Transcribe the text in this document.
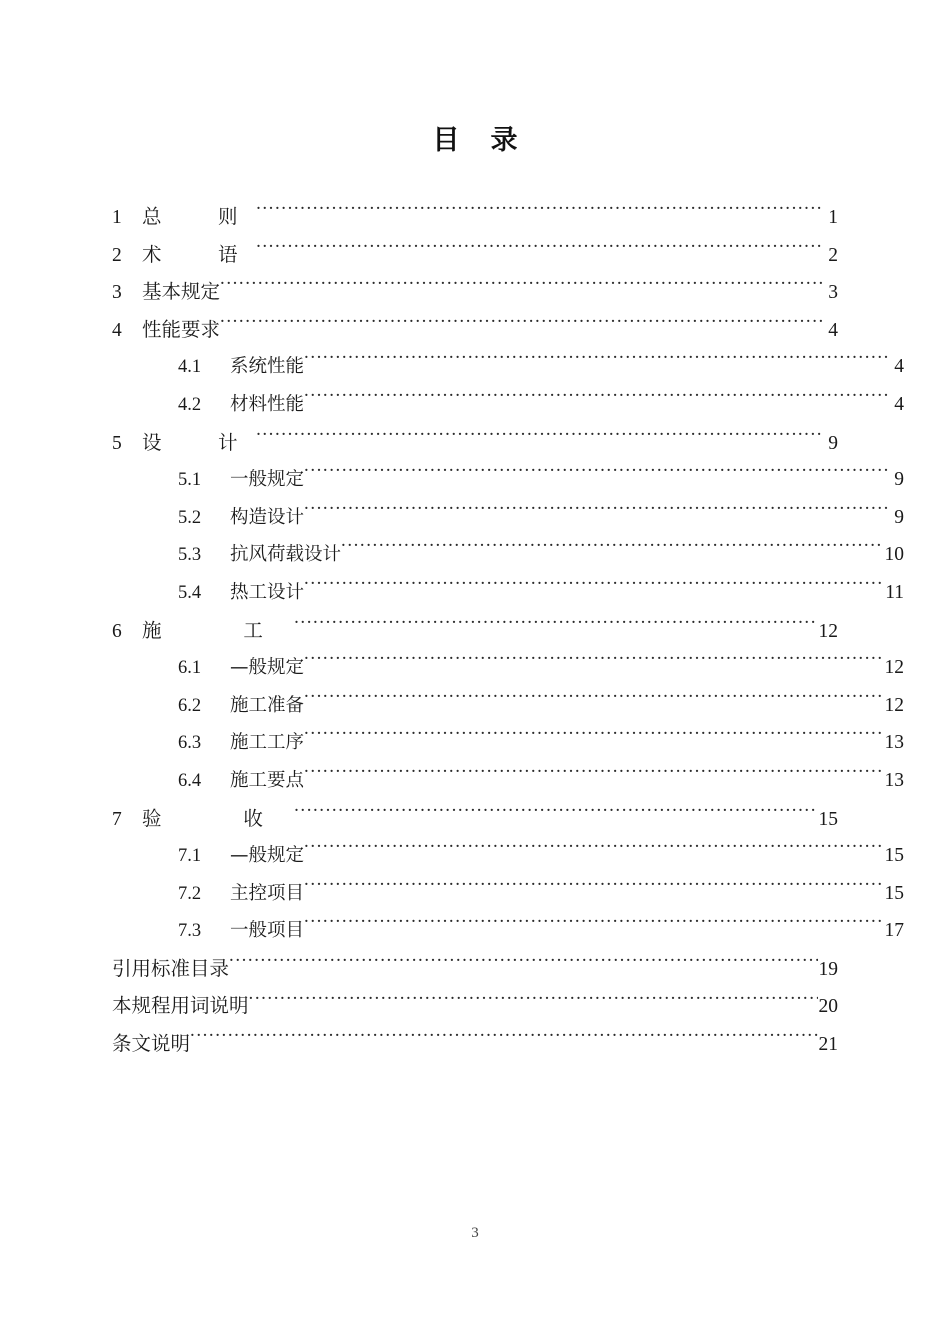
目 录
1	总　则 .....	1
2	术　语 .....	2
3	基本规定 .....	3
4	性能要求 .....	4
4.1	系统性能 .....	4
4.2	材料性能 .....	4
5	设　计 .....	9
5.1	一般规定 .....	9
5.2	构造设计 .....	9
5.3	抗风荷载设计 .....	10
5.4	热工设计 .....	11
6	施　工 .....	12
6.1	—般规定 .....	12
6.2	施工准备 .....	12
6.3	施工工序 .....	13
6.4	施工要点 .....	13
7	验　收 .....	15
7.1	—般规定 .....	15
7.2	主控项目 .....	15
7.3	一般项目 .....	17
引用标准目录 .....	19
本规程用词说明 .....	20
条文说明 .....	21
3
